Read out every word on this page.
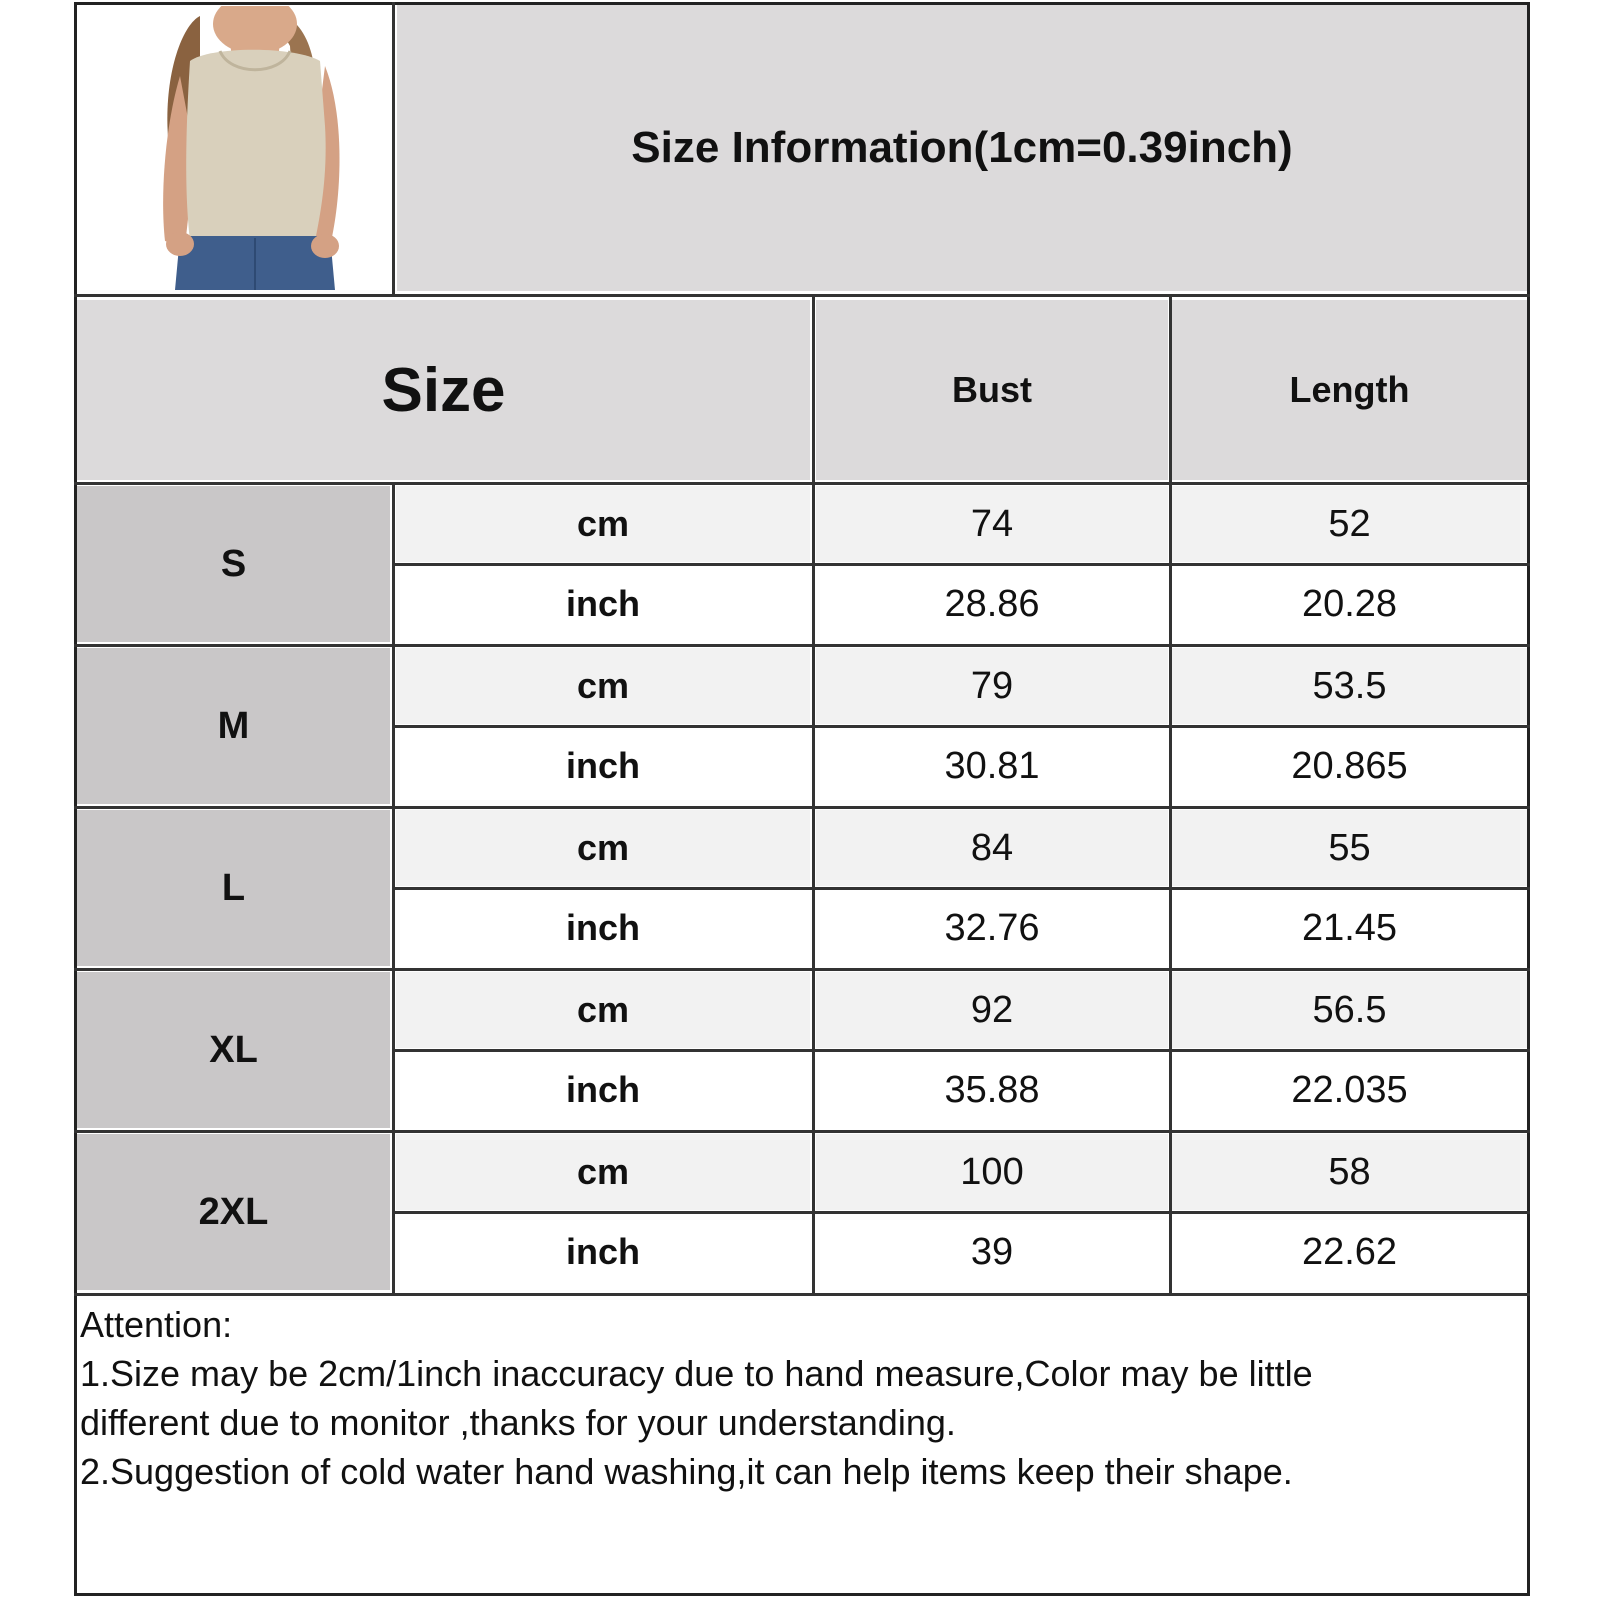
Size Information(1cm=0.39inch)
Size	Bust	Length
S
cm	74	52
inch	28.86	20.28
M
cm	79	53.5
inch	30.81	20.865
L
cm	84	55
inch	32.76	21.45
XL
cm	92	56.5
inch	35.88	22.035
2XL
cm	100	58
inch	39	22.62
Attention:
1.Size may be 2cm/1inch inaccuracy due to hand measure,Color may be little
different due to monitor ,thanks for your understanding.
2.Suggestion of cold water hand washing,it can help items keep their shape.
